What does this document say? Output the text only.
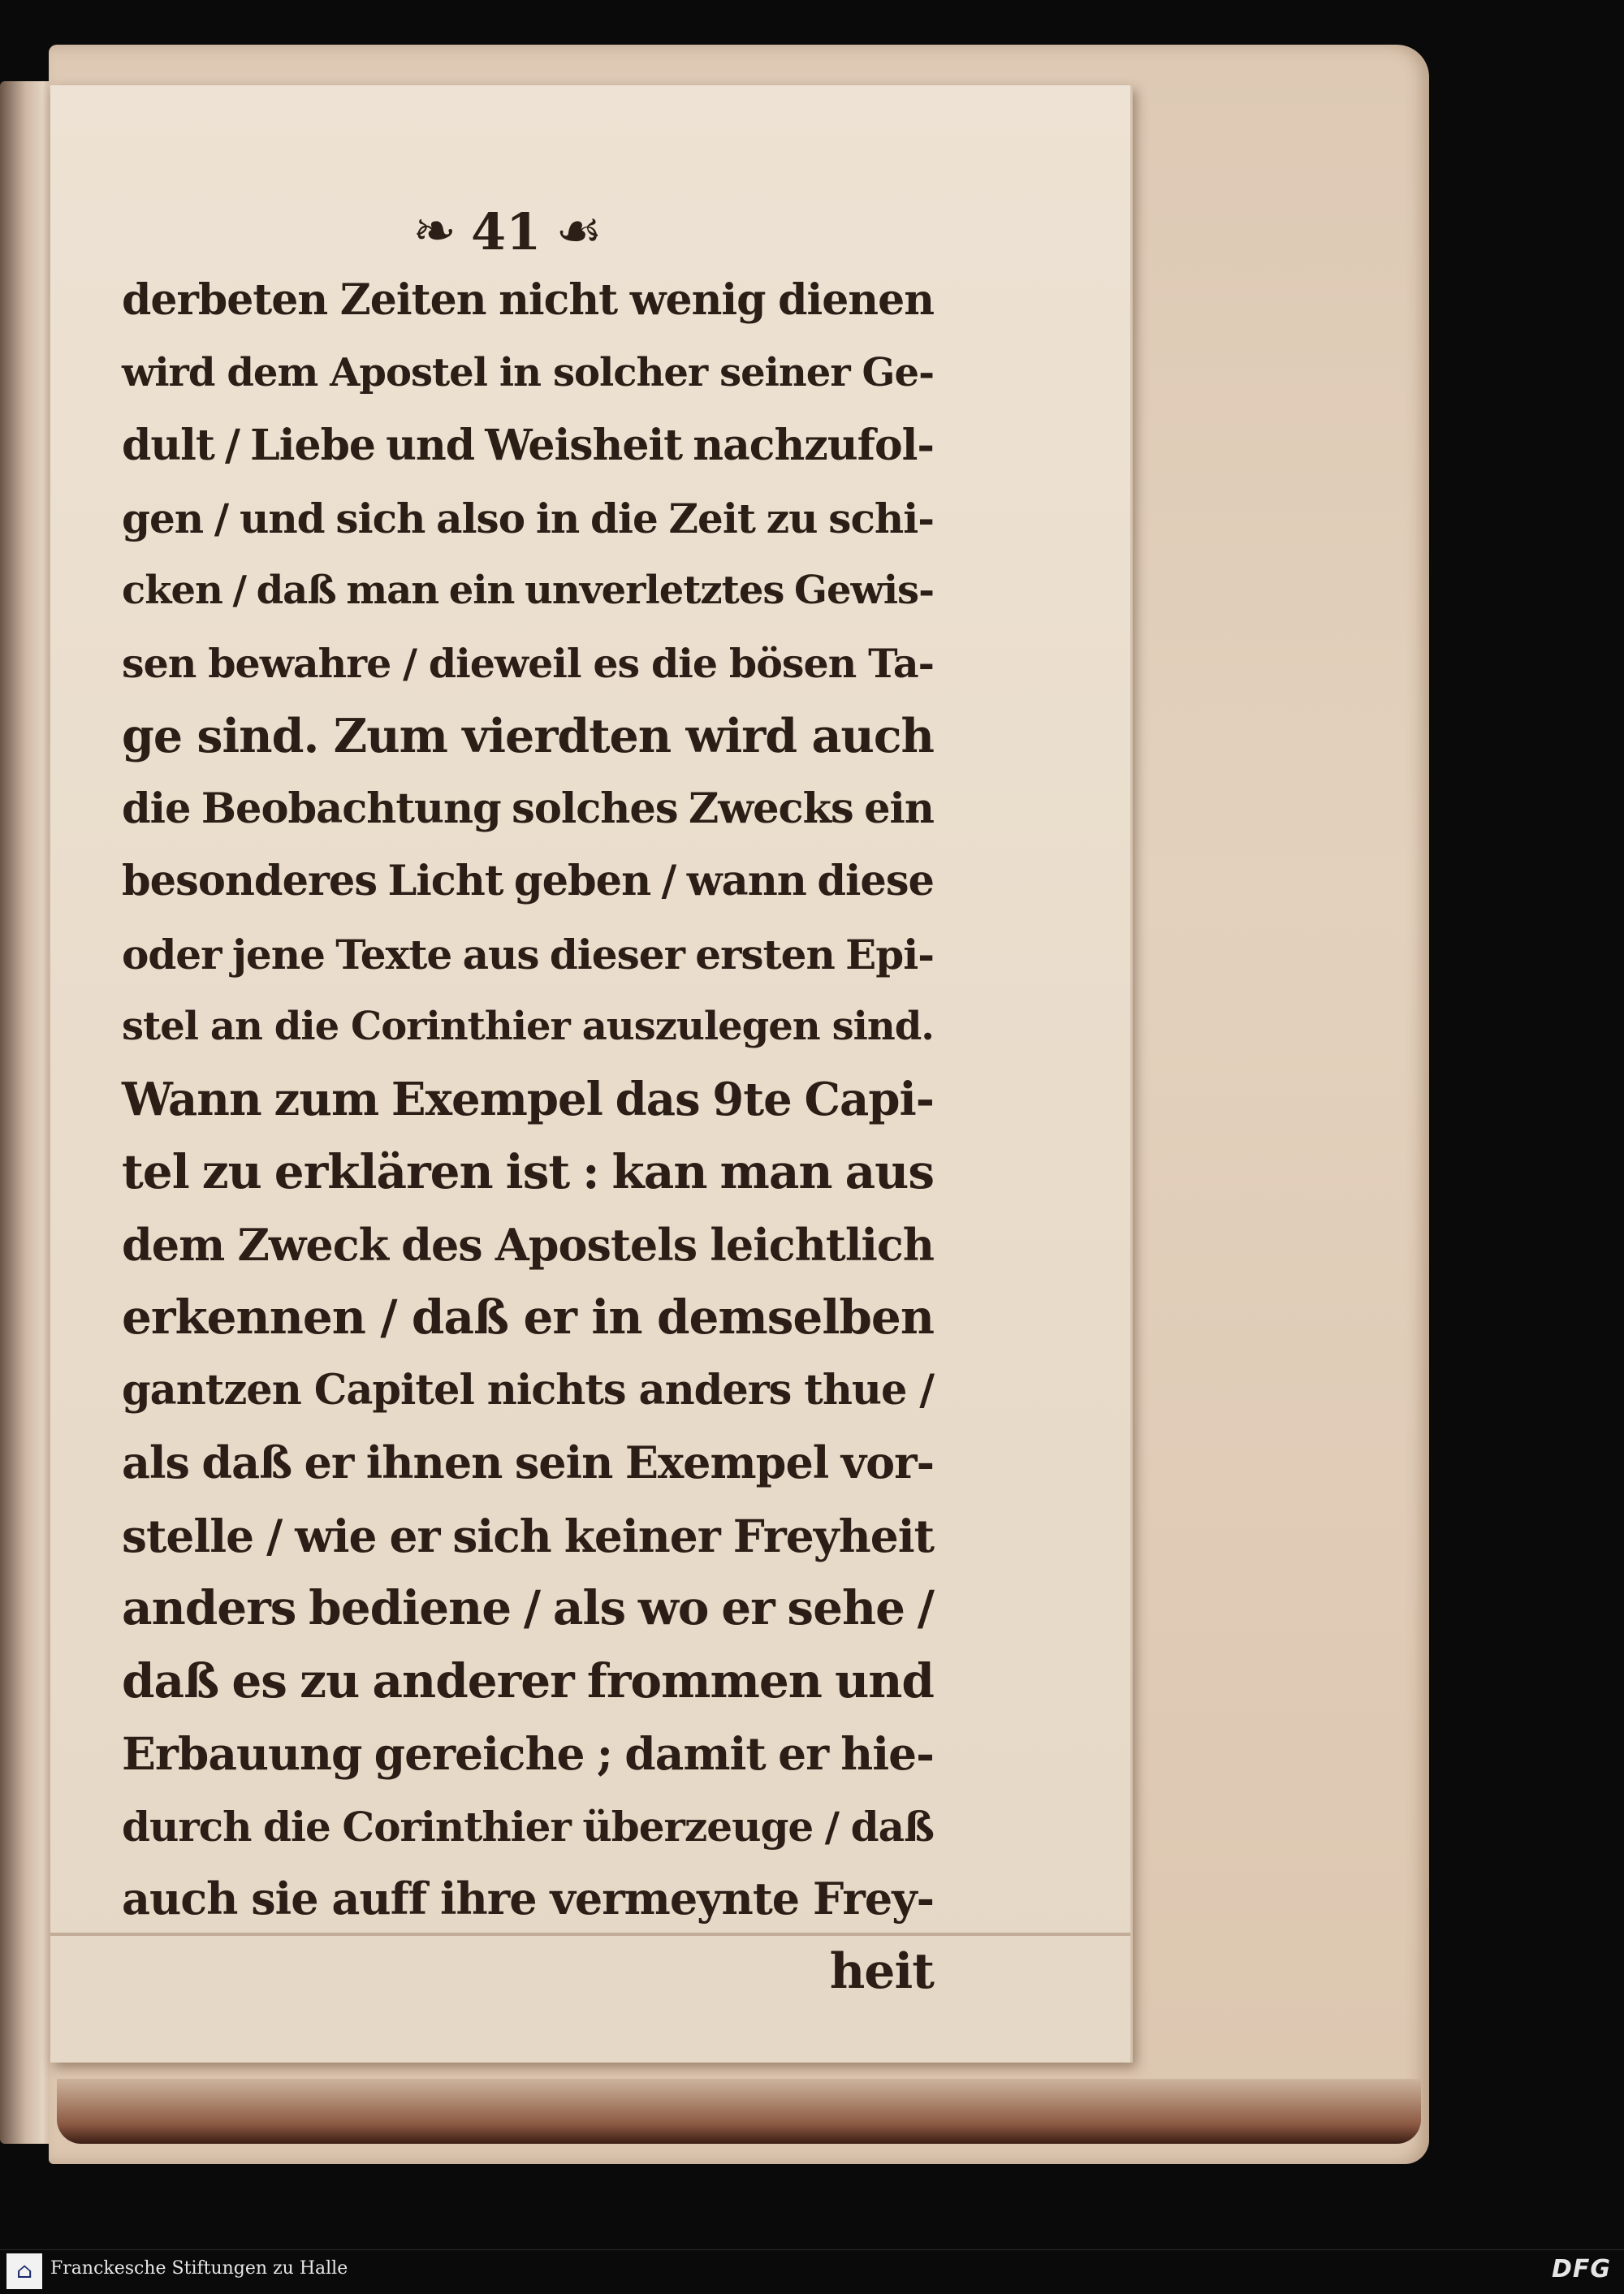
❧ 41 ☙
derbeten Zeiten nicht wenig dienen
wird dem Apostel in solcher seiner Ge-
dult / Liebe und Weisheit nachzufol-
gen / und sich also in die Zeit zu schi-
cken / daß man ein unverletztes Gewis-
sen bewahre / dieweil es die bösen Ta-
ge sind. Zum vierdten wird auch
die Beobachtung solches Zwecks ein
besonderes Licht geben / wann diese
oder jene Texte aus dieser ersten Epi-
stel an die Corinthier auszulegen sind.
Wann zum Exempel das 9te Capi-
tel zu erklären ist : kan man aus
dem Zweck des Apostels leichtlich
erkennen / daß er in demselben
gantzen Capitel nichts anders thue /
als daß er ihnen sein Exempel vor-
stelle / wie er sich keiner Freyheit
anders bediene / als wo er sehe /
daß es zu anderer frommen und
Erbauung gereiche ; damit er hie-
durch die Corinthier überzeuge / daß
auch sie auff ihre vermeynte Frey-
heit
⌂	Franckesche Stiftungen zu Halle	DFG
